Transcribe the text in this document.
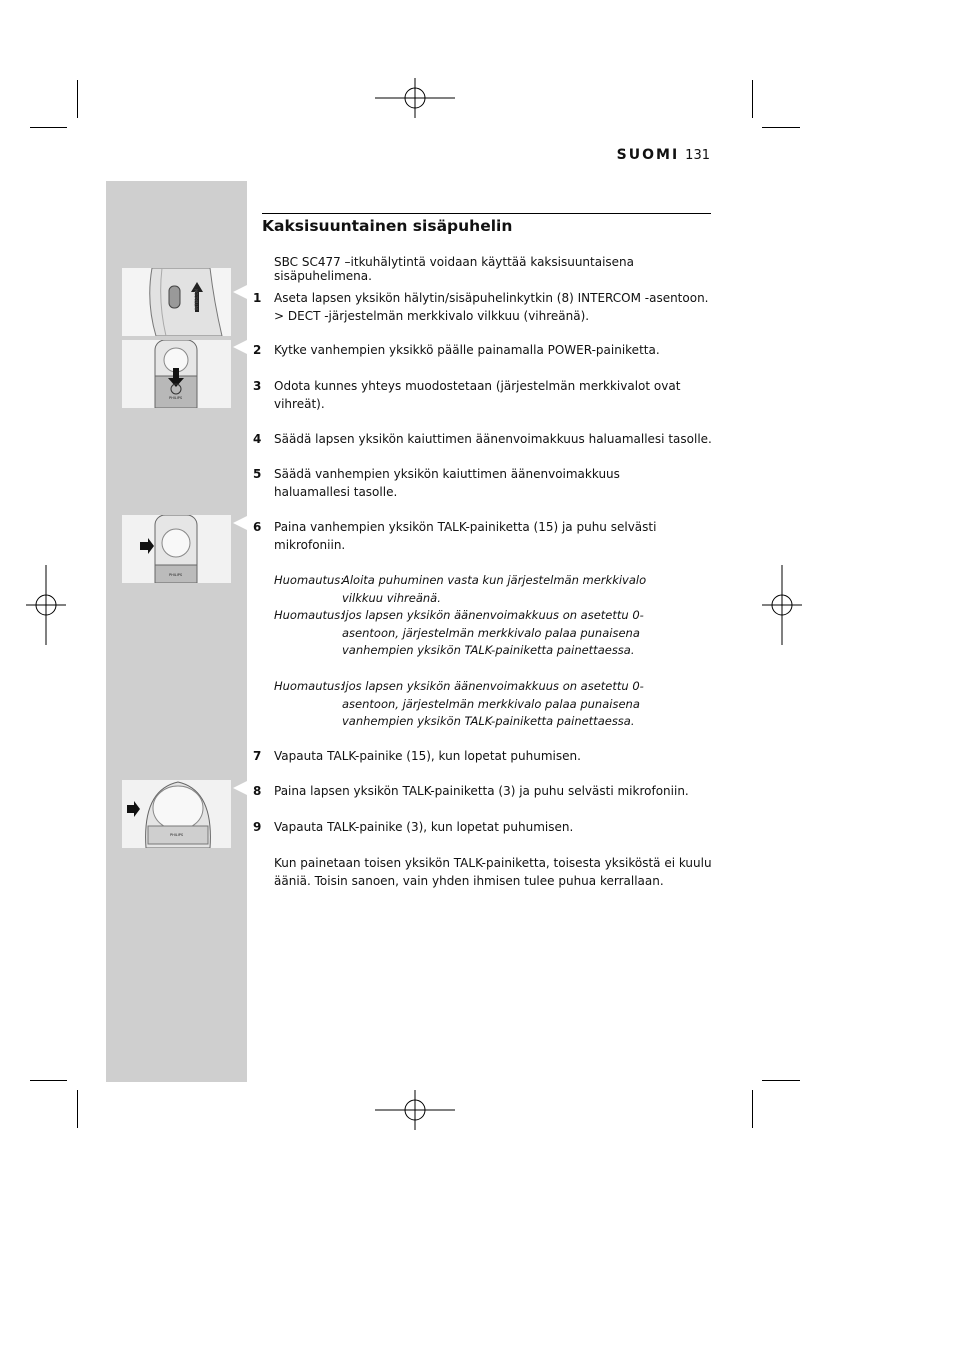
SUOMI 131
Kaksisuuntainen sisäpuhelin
SBC SC477 –itkuhälytintä voidaan käyttää kaksisuuntaisena sisäpuhelimena.
INTERCOM
PHILIPS
PHILIPS
PHILIPS
1	Aseta lapsen yksikön hälytin/sisäpuhelinkytkin (8) INTERCOM -asentoon.
> DECT -järjestelmän merkkivalo vilkkuu (vihreänä).
2	Kytke vanhempien yksikkö päälle painamalla POWER-painiketta.
3	Odota kunnes yhteys muodostetaan (järjestelmän merkkivalot ovat vihreät).
4	Säädä lapsen yksikön kaiuttimen äänenvoimakkuus haluamallesi tasolle.
5	Säädä vanhempien yksikön kaiuttimen äänenvoimakkuus haluamallesi tasolle.
6	Paina vanhempien yksikön TALK-painiketta (15) ja puhu selvästi mikrofoniin.
Huomautus:
Aloita puhuminen vasta kun järjestelmän merkkivalo vilkkuu vihreänä.
Huomautus:
Ijos lapsen yksikön äänenvoimakkuus on asetettu 0-asentoon, järjestelmän merkkivalo palaa punaisena vanhempien yksikön TALK-painiketta painettaessa.
Huomautus:
Ijos lapsen yksikön äänenvoimakkuus on asetettu 0-asentoon, järjestelmän merkkivalo palaa punaisena vanhempien yksikön TALK-painiketta painettaessa.
7	Vapauta TALK-painike (15), kun lopetat puhumisen.
8	Paina lapsen yksikön TALK-painiketta (3) ja puhu selvästi mikrofoniin.
9	Vapauta TALK-painike (3), kun lopetat puhumisen.
Kun painetaan toisen yksikön TALK-painiketta, toisesta yksiköstä ei kuulu ääniä. Toisin sanoen, vain yhden ihmisen tulee puhua kerrallaan.
